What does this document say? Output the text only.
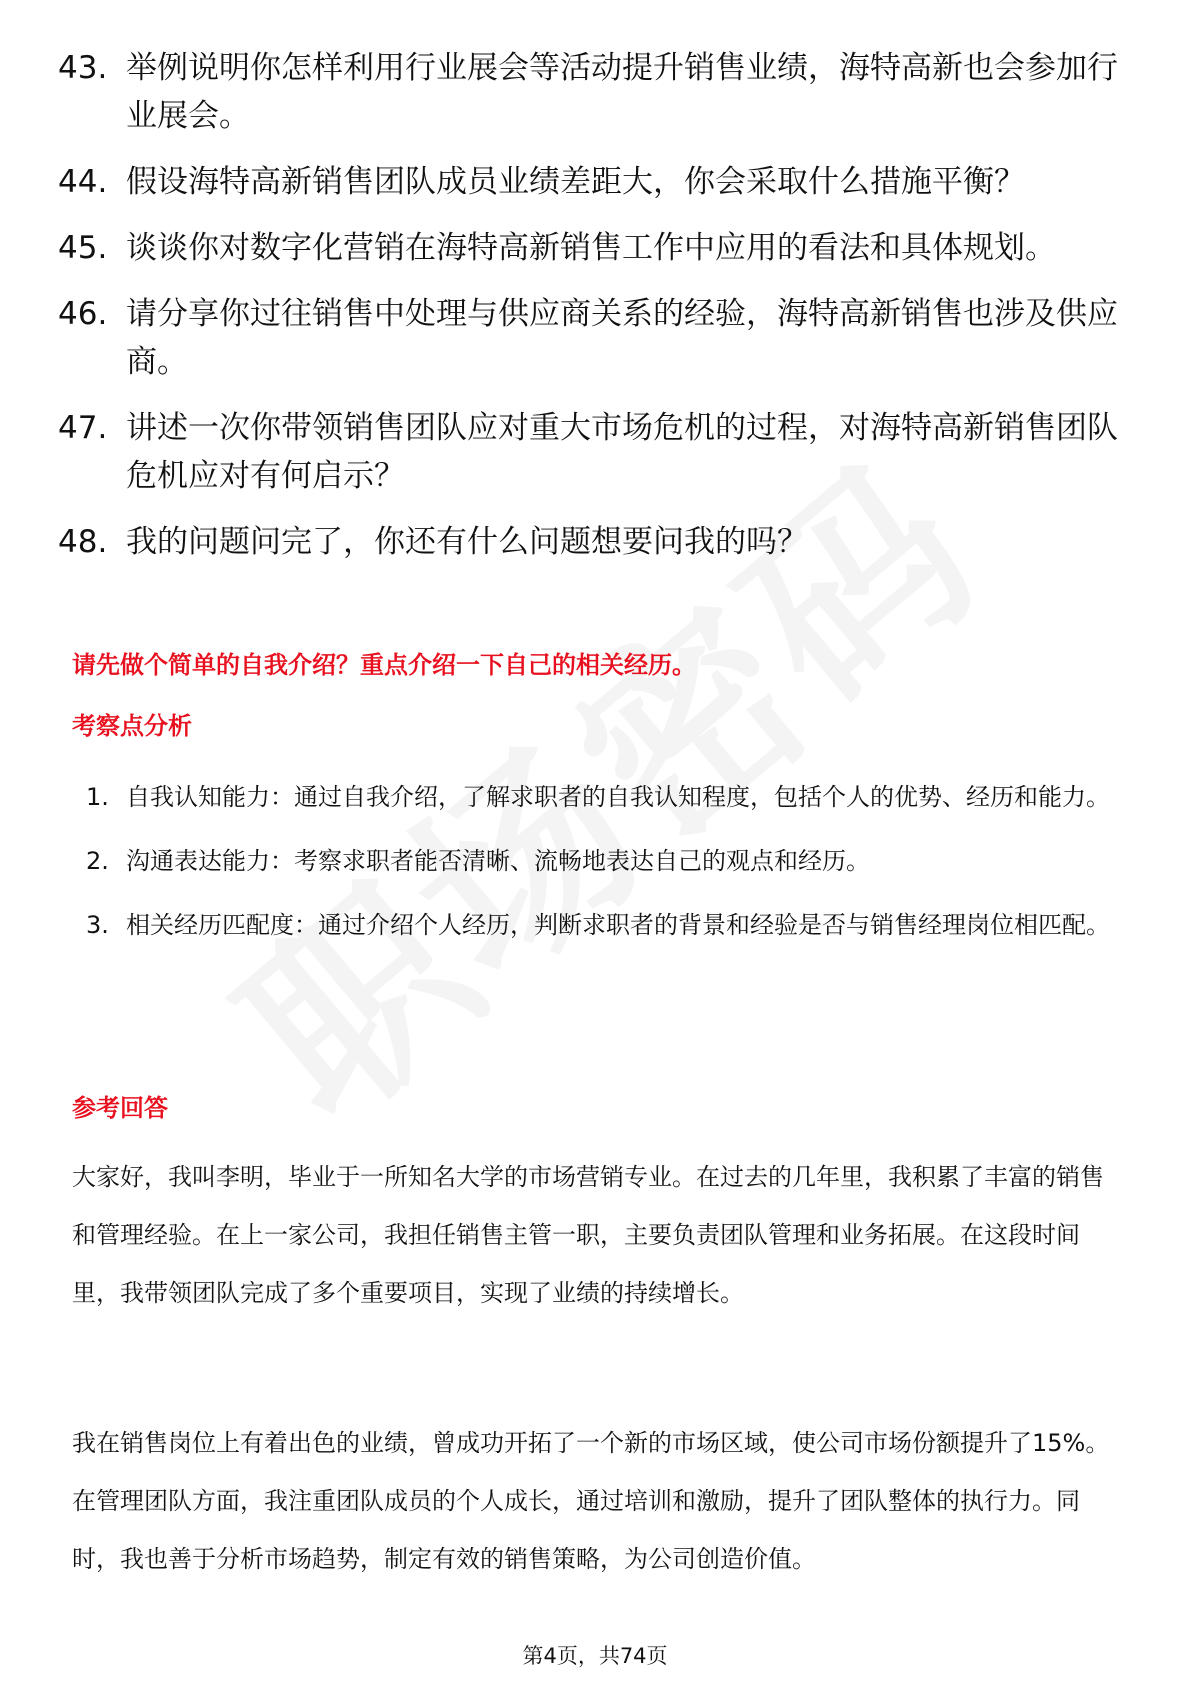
43. 举例说明你怎样利用行业展会等活动提升销售业绩，海特高新也会参加行业展会。
44. 假设海特高新销售团队成员业绩差距大，你会采取什么措施平衡？
45. 谈谈你对数字化营销在海特高新销售工作中应用的看法和具体规划。
46. 请分享你过往销售中处理与供应商关系的经验，海特高新销售也涉及供应商。
47. 讲述一次你带领销售团队应对重大市场危机的过程，对海特高新销售团队危机应对有何启示？
48. 我的问题问完了，你还有什么问题想要问我的吗？
请先做个简单的自我介绍？重点介绍一下自己的相关经历。
考察点分析
1. 自我认知能力：通过自我介绍，了解求职者的自我认知程度，包括个人的优势、经历和能力。
2. 沟通表达能力：考察求职者能否清晰、流畅地表达自己的观点和经历。
3. 相关经历匹配度：通过介绍个人经历，判断求职者的背景和经验是否与销售经理岗位相匹配。
参考回答

大家好，我叫李明，毕业于一所知名大学的市场营销专业。在过去的几年里，我积累了丰富的销售和管理经验。在上一家公司，我担任销售主管一职，主要负责团队管理和业务拓展。在这段时间里，我带领团队完成了多个重要项目，实现了业绩的持续增长。

我在销售岗位上有着出色的业绩，曾成功开拓了一个新的市场区域，使公司市场份额提升了15%。在管理团队方面，我注重团队成员的个人成长，通过培训和激励，提升了团队整体的执行力。同时，我也善于分析市场趋势，制定有效的销售策略，为公司创造价值。

第4页，共74页
